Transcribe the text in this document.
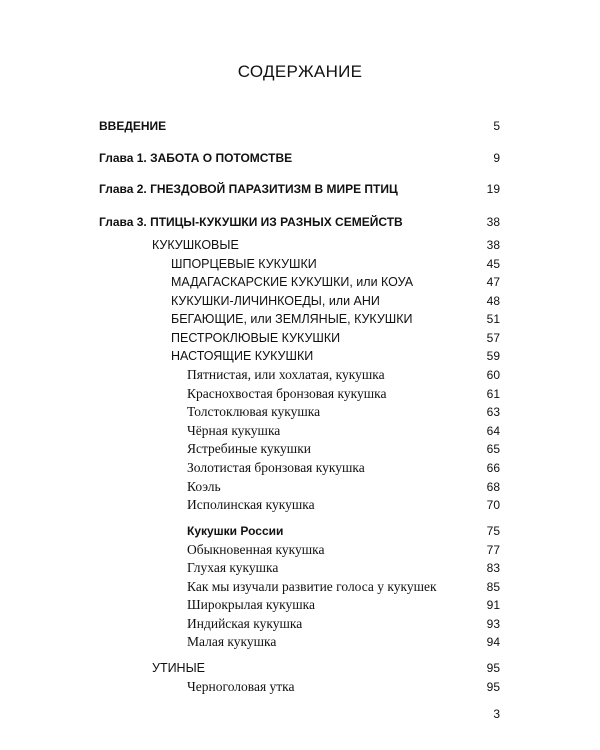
СОДЕРЖАНИЕ
ВВЕДЕНИЕ	5
Глава 1. ЗАБОТА О ПОТОМСТВЕ	9
Глава 2. ГНЕЗДОВОЙ ПАРАЗИТИЗМ В МИРЕ ПТИЦ	19
Глава 3. ПТИЦЫ-КУКУШКИ ИЗ РАЗНЫХ СЕМЕЙСТВ	38
КУКУШКОВЫЕ	38
ШПОРЦЕВЫЕ КУКУШКИ	45
МАДАГАСКАРСКИЕ КУКУШКИ, или КОУА	47
КУКУШКИ-ЛИЧИНКОЕДЫ, или АНИ	48
БЕГАЮЩИЕ, или ЗЕМЛЯНЫЕ, КУКУШКИ	51
ПЕСТРОКЛЮВЫЕ КУКУШКИ	57
НАСТОЯЩИЕ КУКУШКИ	59
Пятнистая, или хохлатая, кукушка	60
Краснохвостая бронзовая кукушка	61
Толстоклювая кукушка	63
Чёрная кукушка	64
Ястребиные кукушки	65
Золотистая бронзовая кукушка	66
Коэль	68
Исполинская кукушка	70
Кукушки России	75
Обыкновенная кукушка	77
Глухая кукушка	83
Как мы изучали развитие голоса у кукушек	85
Широкрылая кукушка	91
Индийская кукушка	93
Малая кукушка	94
УТИНЫЕ	95
Черноголовая утка	95
3
